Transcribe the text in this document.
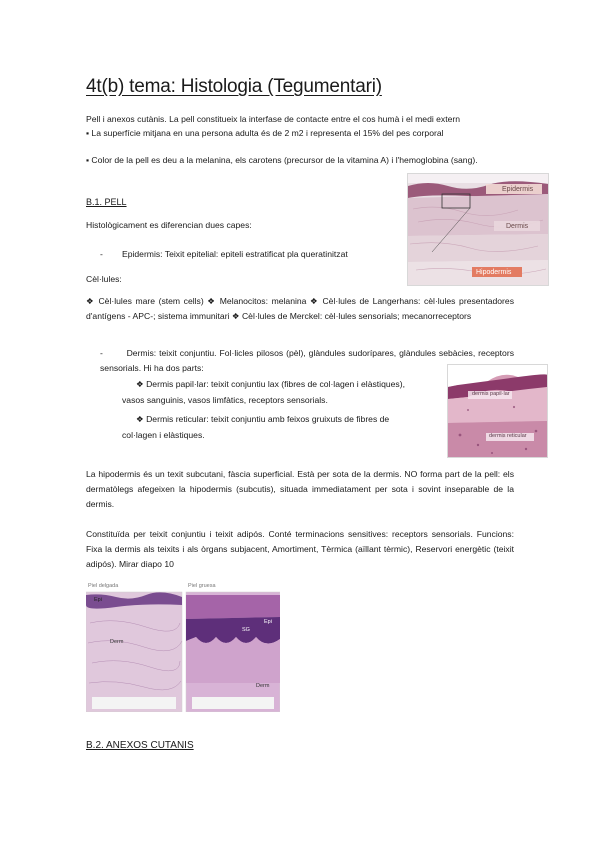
4t(b) tema: Histologia (Tegumentari)

Pell i anexos cutànis. La pell constitueix la interfase de contacte entre el cos humà i el medi extern

▪ La superfície mitjana en una persona adulta és de 2 m2 i representa el 15% del pes corporal

▪ Color de la pell es deu a la melanina, els carotens (precursor de la vitamina A) i l'hemoglobina (sang).

B.1. PELL

Histològicament es diferencian dues capes:

-        Epidermis: Teixit epitelial: epiteli estratificat pla queratinitzat

Cèl·lules:

❖ Cèl·lules mare (stem cells) ❖ Melanocitos: melanina ❖ Cèl·lules de Langerhans: cèl·lules presentadores d'antígens - APC-; sistema immunitari ❖ Cèl·lules de Merckel: cèl·lules sensorials; mecanorreceptors

-        Dermis: teixit conjuntiu. Fol·licles pilosos (pèl), glàndules sudorípares, glàndules sebàcies, receptors sensorials. Hi ha dos parts:

❖ Dermis papil·lar: teixit conjuntiu lax (fibres de col·lagen i elàstiques),

vasos sanguinis, vasos limfàtics, receptors sensorials.

❖ Dermis reticular: teixit conjuntiu amb feixos gruixuts de fibres de

col·lagen i elàstiques.

La hipodermis és un texit subcutani, fàscia superficial. Està per sota de la dermis. NO forma part de la pell: els dermatòlegs afegeixen la hipodermis (subcutis), situada immediatament per sota i sovint inseparable de la dermis.

Constituïda per teixit conjuntiu i teixit adipós. Conté terminacions sensitives: receptors sensorials. Funcions: Fixa la dermis als teixits i als òrgans subjacent, Amortiment, Tèrmica (aïllant tèrmic), Reservori energètic (teixit adipós). Mirar diapo 10

Epidermis
Dermis
Hipodermis
dermis papil·lar
dermis reticular
Piel delgada	Piel gruesa
Epi
Derm
Epi
SG
Derm

B.2. ANEXOS CUTANIS
